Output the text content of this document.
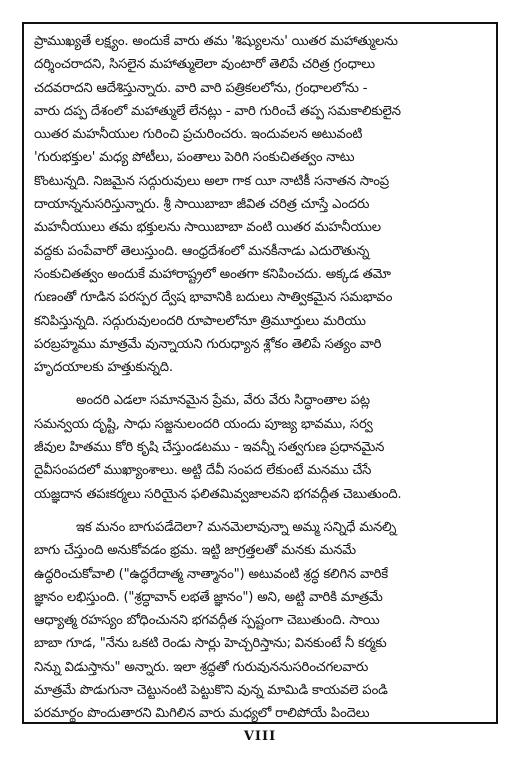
ప్రాముఖ్యతే లక్ష్యం. అందుకే వారు తమ 'శిష్యులను' యితర మహాత్ములను
దర్శించరాదని, సిసలైన మహాత్ములెలా వుంటారో తెలిపే చరిత్ర గ్రంధాలు
చదవరాదని ఆదేశిస్తున్నారు. వారి వారి పత్రికలలోను, గ్రంధాలలోను -
వారు దప్ప దేశంలో మహాత్ములే లేనట్లు - వారి గురించే తప్ప సమకాలికులైన
యితర మహనీయుల గురించి ప్రచురించరు. ఇందువలన అటువంటి
'గురుభక్తుల' మధ్య పోటీలు, పంతాలు పెరిగి సంకుచితత్వం నాటు
కొంటున్నది. నిజమైన సద్గురువులు అలా గాక యీ నాటికీ సనాతన సాంప్ర
దాయాన్ననుసరిస్తున్నారు. శ్రీ సాయిబాబా జీవిత చరిత్ర చూస్తే ఎందరు
మహనీయులు తమ భక్తులను సాయిబాబా వంటి యితర మహనీయుల
వద్దకు పంపేవారో తెలుస్తుంది. ఆంధ్రదేశంలో మనకీనాడు ఎదురౌతున్న
సంకుచితత్వం అందుకే మహారాష్ట్రలో అంతగా కనిపించదు. అక్కడ తమో
గుణంతో గూడిన పరస్పర ద్వేష భావానికి బదులు సాత్వికమైన సమభావం
కనిపిస్తున్నది. సద్గురువులందరి రూపాలలోనూ త్రిమూర్తులు మరియు
పరబ్రహ్మము మాత్రమే వున్నాయని గురుధ్యాన శ్లోకం తెలిపే సత్యం వారి
హృదయాలకు హత్తుకున్నది.
అందరి ఎడలా సమానమైన ప్రేమ, వేరు వేరు సిద్ధాంతాల పట్ల
సమన్వయ దృష్టి, సాధు సజ్జనులందరి యందు పూజ్య భావము, సర్వ
జీవుల హితము కోరి కృషి చేస్తుండటము - ఇవన్నీ సత్వగుణ ప్రధానమైన
దైవీసంపదలో ముఖ్యాంశాలు. అట్టి దేవీ సంపద లేకుంటే మనము చేసే
యజ్ఞదాన తపఃకర్మలు సరియైన ఫలితమివ్వజాలవని భగవద్గీత చెబుతుంది.
ఇక మనం బాగుపడేదెలా? మనమెలావున్నా అమ్మ సన్నిధే మనల్ని
బాగు చేస్తుంది అనుకోవడం భ్రమ. ఇట్టి జాగ్రత్తలతో మనకు మనమే
ఉద్ధరించుకోవాలి ("ఉద్ధరేదాత్మ నాత్మానం") అటువంటి శ్రద్ధ కలిగిన వారికే
జ్ఞానం లభిస్తుంది. ("శ్రద్ధావాన్ లభతే జ్ఞానం") అని, అట్టి వారికి మాత్రమే
ఆధ్యాత్మ రహస్యం బోధించునని భగవద్గీత స్పష్టంగా చెబుతుంది. సాయి
బాబా గూడ, "నేను ఒకటి రెండు సార్లు హెచ్చరిస్తాను; వినకుంటే నీ కర్మకు
నిన్ను విడుస్తాను" అన్నారు. ఇలా శ్రద్ధతో గురువుననుసరించగలవారు
మాత్రమే పొడుగునా చెట్టునంటి పెట్టుకొని వున్న మామిడి కాయవలె పండి
పరమార్థం పొందుతారని మిగిలిన వారు మధ్యలో రాలిపోయే పిందెలు
VIII
